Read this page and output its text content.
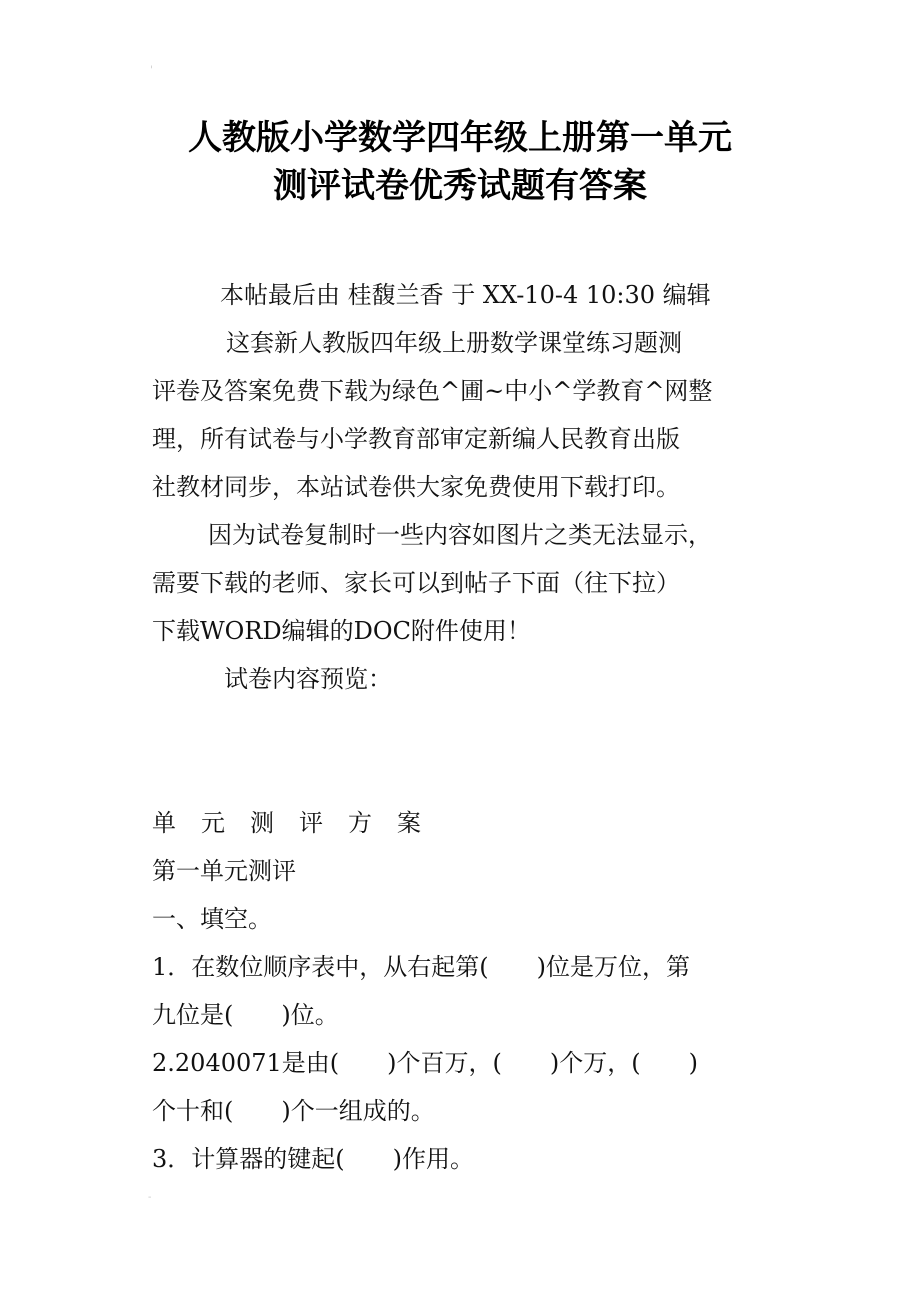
'
人教版小学数学四年级上册第一单元
测评试卷优秀试题有答案
本帖最后由 桂馥兰香 于 XX-10-4 10:30 编辑
这套新人教版四年级上册数学课堂练习题测
评卷及答案免费下载为绿色^圃~中小^学教育^网整
理，所有试卷与小学教育部审定新编人民教育出版
社教材同步，本站试卷供大家免费使用下载打印。
因为试卷复制时一些内容如图片之类无法显示，
需要下载的老师、家长可以到帖子下面（往下拉）
下载WORD编辑的DOC附件使用！
试卷内容预览：
单元测评方案
第一单元测评
一、填空。
1．在数位顺序表中，从右起第(　　)位是万位，第
九位是(　　)位。
2.2040071是由(　　)个百万，(　　)个万，(　　)
个十和(　　)个一组成的。
3．计算器的键起(　　)作用。
-
